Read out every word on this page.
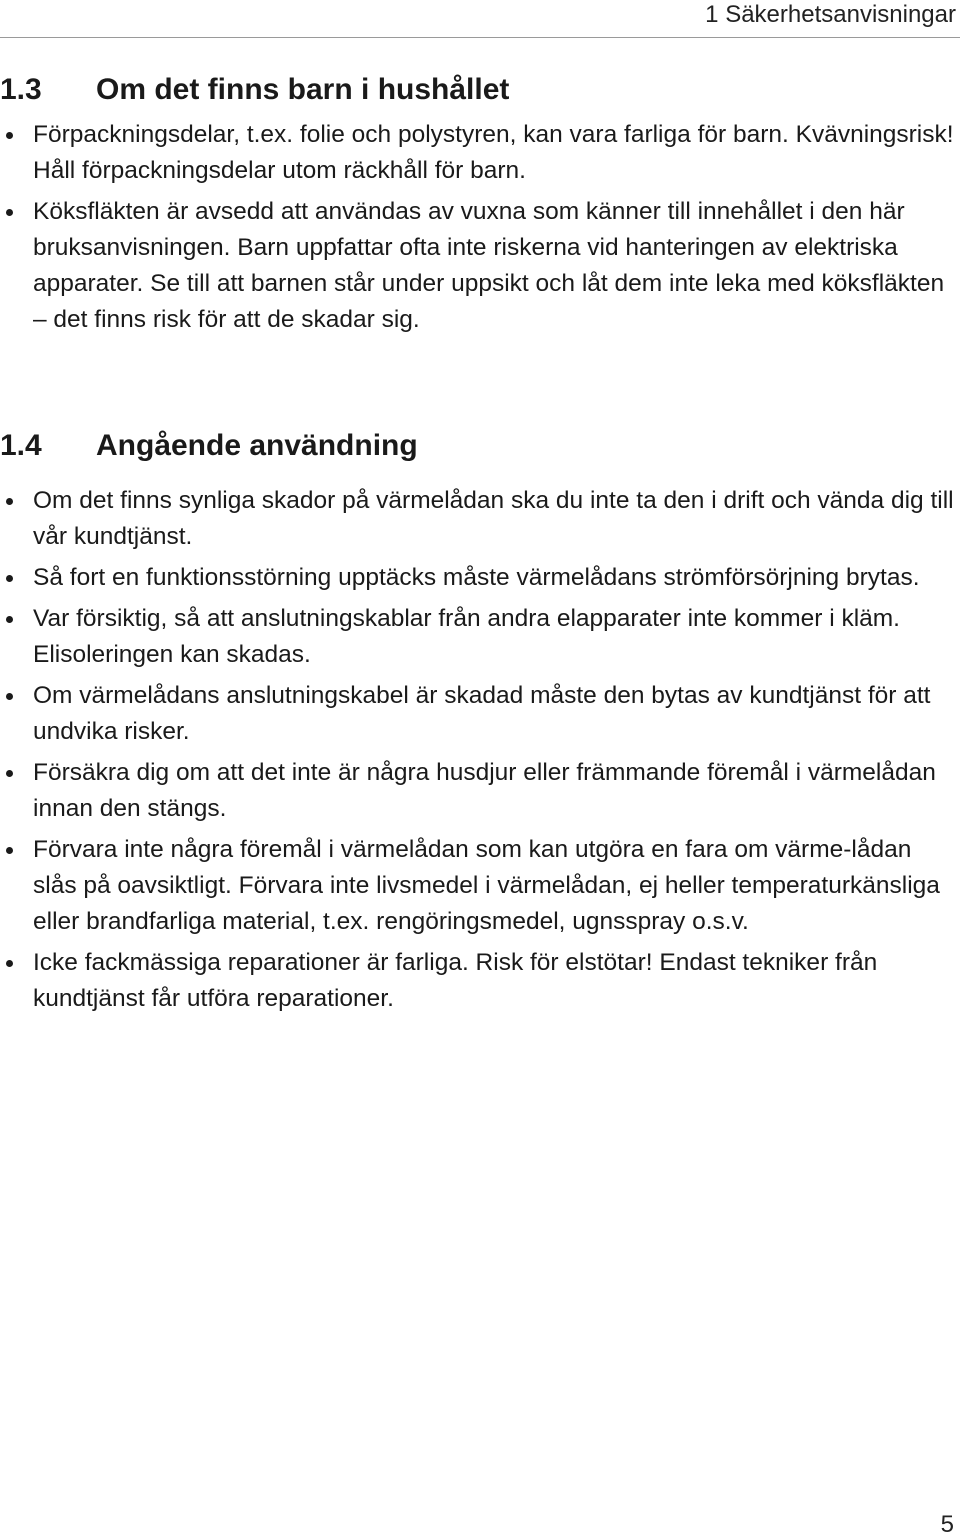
1 Säkerhetsanvisningar
1.3 Om det finns barn i hushållet
Förpackningsdelar, t.ex. folie och polystyren, kan vara farliga för barn. Kvävningsrisk! Håll förpackningsdelar utom räckhåll för barn.
Köksfläkten är avsedd att användas av vuxna som känner till innehållet i den här bruksanvisningen. Barn uppfattar ofta inte riskerna vid hanteringen av elektriska apparater. Se till att barnen står under uppsikt och låt dem inte leka med köksfläkten – det finns risk för att de skadar sig.
1.4 Angående användning
Om det finns synliga skador på värmelådan ska du inte ta den i drift och vända dig till vår kundtjänst.
Så fort en funktionsstörning upptäcks måste värmelådans strömförsörjning brytas.
Var försiktig, så att anslutningskablar från andra elapparater inte kommer i kläm. Elisoleringen kan skadas.
Om värmelådans anslutningskabel är skadad måste den bytas av kundtjänst för att undvika risker.
Försäkra dig om att det inte är några husdjur eller främmande föremål i värmelådan innan den stängs.
Förvara inte några föremål i värmelådan som kan utgöra en fara om värme-lådan slås på oavsiktligt. Förvara inte livsmedel i värmelådan, ej heller temperaturkänsliga eller brandfarliga material, t.ex. rengöringsmedel, ugnsspray o.s.v.
Icke fackmässiga reparationer är farliga. Risk för elstötar! Endast tekniker från kundtjänst får utföra reparationer.
5
